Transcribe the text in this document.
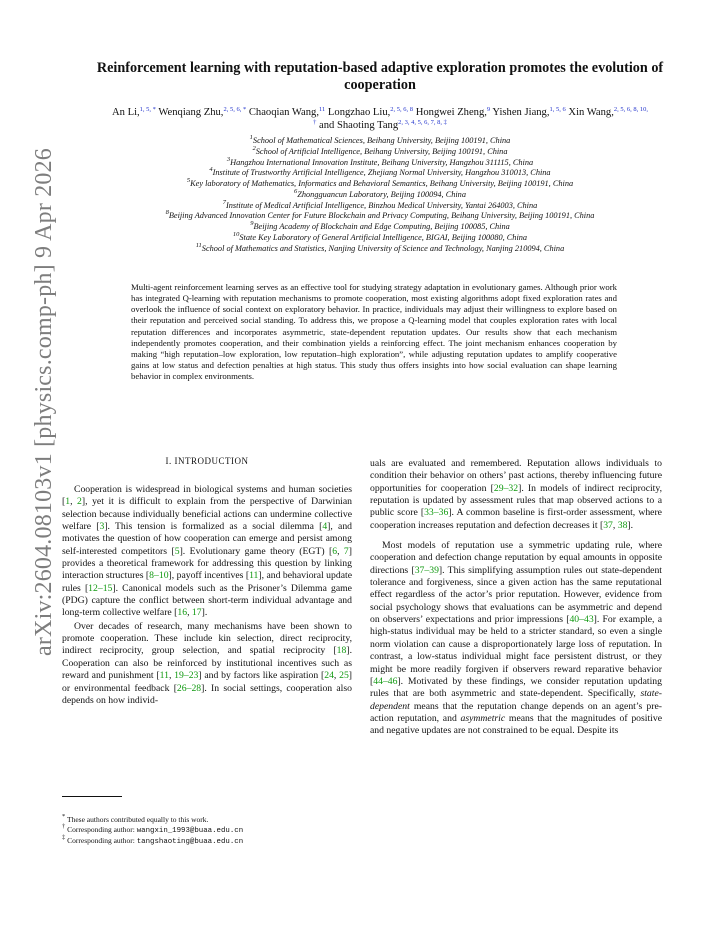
arXiv:2604.08103v1 [physics.comp-ph] 9 Apr 2026
Reinforcement learning with reputation-based adaptive exploration promotes the evolution of cooperation
An Li,$^{1, 5, *}$ Wenqiang Zhu,$^{2, 5, 6, *}$ Chaoqian Wang,$^{11}$ Longzhao Liu,$^{2, 5, 6, 8}$ Hongwei Zheng,$^9$ Yishen Jiang,$^{1, 5, 6}$ Xin Wang,$^{2, 5, 6, 8, 10, \dagger}$ and Shaoting Tang$^{2, 3, 4, 5, 6, 7, 8, \ddagger}$
$^1$School of Mathematical Sciences, Beihang University, Beijing 100191, China
$^2$School of Artificial Intelligence, Beihang University, Beijing 100191, China
$^3$Hangzhou International Innovation Institute, Beihang University, Hangzhou 311115, China
$^4$Institute of Trustworthy Artificial Intelligence, Zhejiang Normal University, Hangzhou 310013, China
$^5$Key laboratory of Mathematics, Informatics and Behavioral Semantics, Beihang University, Beijing 100191, China
$^6$Zhongguancun Laboratory, Beijing 100094, China
$^7$Institute of Medical Artificial Intelligence, Binzhou Medical University, Yantai 264003, China
$^8$Beijing Advanced Innovation Center for Future Blockchain and Privacy Computing, Beihang University, Beijing 100191, China
$^9$Beijing Academy of Blockchain and Edge Computing, Beijing 100085, China
$^{10}$State Key Laboratory of General Artificial Intelligence, BIGAI, Beijing 100080, China
$^{11}$School of Mathematics and Statistics, Nanjing University of Science and Technology, Nanjing 210094, China
Multi-agent reinforcement learning serves as an effective tool for studying strategy adaptation in evolutionary games. Although prior work has integrated Q-learning with reputation mechanisms to promote cooperation, most existing algorithms adopt fixed exploration rates and overlook the influence of social context on exploratory behavior. In practice, individuals may adjust their willingness to explore based on their reputation and perceived social standing. To address this, we propose a Q-learning model that couples exploration rates with local reputation differences and incorporates asymmetric, state-dependent reputation updates. Our results show that each mechanism independently promotes cooperation, and their combination yields a reinforcing effect. The joint mechanism enhances cooperation by making “high reputation–low exploration, low reputation–high exploration”, while adjusting reputation updates to amplify cooperative gains at low status and defection penalties at high status. This study thus offers insights into how social evaluation can shape learning behavior in complex environments.
I. INTRODUCTION

Cooperation is widespread in biological systems and human societies [1, 2], yet it is difficult to explain from the perspective of Darwinian selection because individually beneficial actions can undermine collective welfare [3]. This tension is formalized as a social dilemma [4], and motivates the question of how cooperation can emerge and persist among self-interested competitors [5]. Evolutionary game theory (EGT) [6, 7] provides a theoretical framework for addressing this question by linking interaction structures [8–10], payoff incentives [11], and behavioral update rules [12–15]. Canonical models such as the Prisoner’s Dilemma game (PDG) capture the conflict between short-term individual advantage and long-term collective welfare [16, 17].

Over decades of research, many mechanisms have been shown to promote cooperation. These include kin selection, direct reciprocity, indirect reciprocity, group selection, and spatial reciprocity [18]. Cooperation can also be reinforced by institutional incentives such as reward and punishment [11, 19–23] and by factors like aspiration [24, 25] or environmental feedback [26–28]. In social settings, cooperation also depends on how individ-

uals are evaluated and remembered. Reputation allows individuals to condition their behavior on others’ past actions, thereby influencing future opportunities for cooperation [29–32]. In models of indirect reciprocity, reputation is updated by assessment rules that map observed actions to a public score [33–36]. A common baseline is first-order assessment, where cooperation increases reputation and defection decreases it [37, 38].

Most models of reputation use a symmetric updating rule, where cooperation and defection change reputation by equal amounts in opposite directions [37–39]. This simplifying assumption rules out state-dependent tolerance and forgiveness, since a given action has the same reputational effect regardless of the actor’s prior reputation. However, evidence from social psychology shows that evaluations can be asymmetric and depend on observers’ expectations and prior impressions [40–43]. For example, a high-status individual may be held to a stricter standard, so even a single norm violation can cause a disproportionately large loss of reputation. In contrast, a low-status individual might face persistent distrust, or they might be more readily forgiven if observers reward reparative behavior [44–46]. Motivated by these findings, we consider reputation updating rules that are both asymmetric and state-dependent. Specifically, state-dependent means that the reputation change depends on an agent’s pre-action reputation, and asymmetric means that the magnitudes of positive and negative updates are not constrained to be equal. Despite its

* These authors contributed equally to this work.
† Corresponding author: wangxin_1993@buaa.edu.cn
‡ Corresponding author: tangshaoting@buaa.edu.cn
